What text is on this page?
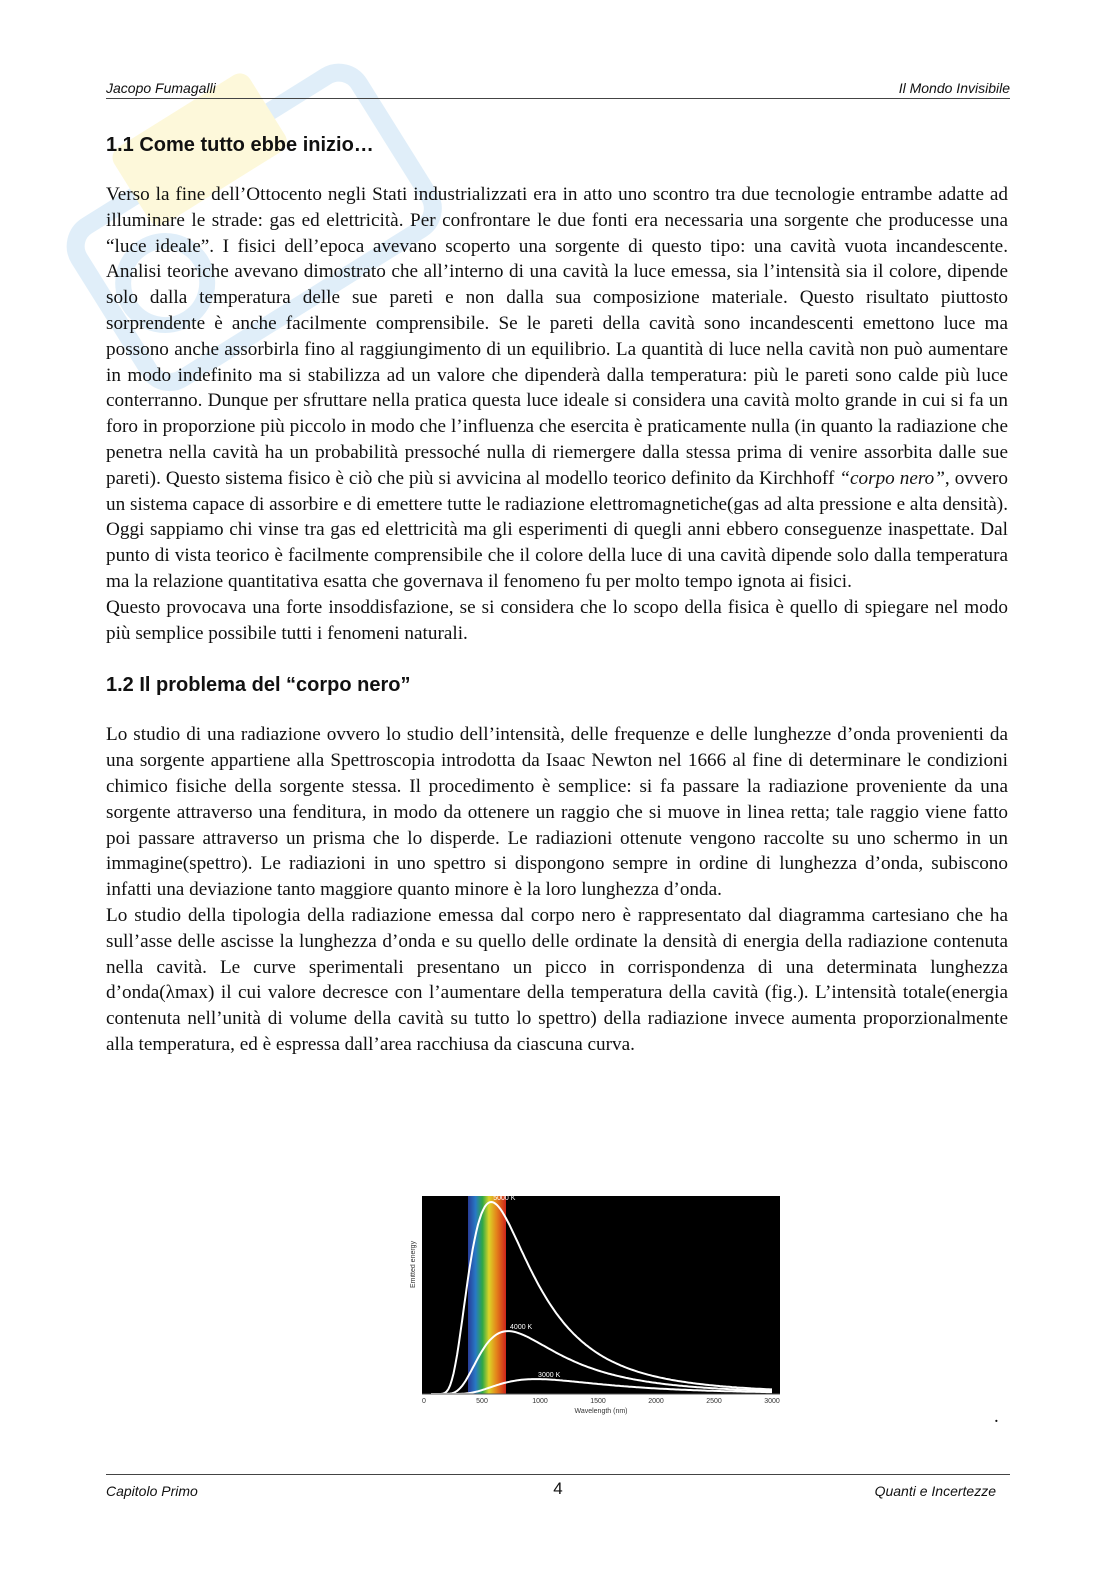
Jacopo Fumagalli	Il Mondo Invisibile
1.1 Come tutto ebbe inizio…

Verso la fine dell’Ottocento negli Stati industrializzati era in atto uno scontro tra due tecnologie entrambe adatte ad illuminare le strade: gas ed elettricità. Per confrontare le due fonti era necessaria una sorgente che producesse una “luce ideale”. I fisici dell’epoca avevano scoperto una sorgente di questo tipo: una cavità vuota incandescente. Analisi teoriche avevano dimostrato che all’interno di una cavità la luce emessa, sia l’intensità sia il colore, dipende solo dalla temperatura delle sue pareti e non dalla sua composizione materiale. Questo risultato piuttosto sorprendente è anche facilmente comprensibile. Se le pareti della cavità sono incandescenti emettono luce ma possono anche assorbirla fino al raggiungimento di un equilibrio. La quantità di luce nella cavità non può aumentare in modo indefinito ma si stabilizza ad un valore che dipenderà dalla temperatura: più le pareti sono calde più luce conterranno. Dunque per sfruttare nella pratica questa luce ideale si considera una cavità molto grande in cui si fa un foro in proporzione più piccolo in modo che l’influenza che esercita è praticamente nulla (in quanto la radiazione che penetra nella cavità ha un probabilità pressoché nulla di riemergere dalla stessa prima di venire assorbita dalle sue pareti). Questo sistema fisico è ciò che più si avvicina al modello teorico definito da Kirchhoff “corpo nero”, ovvero un sistema capace di assorbire e di emettere tutte le radiazione elettromagnetiche(gas ad alta pressione e alta densità). Oggi sappiamo chi vinse tra gas ed elettricità ma gli esperimenti di quegli anni ebbero conseguenze inaspettate. Dal punto di vista teorico è facilmente comprensibile che il colore della luce di una cavità dipende solo dalla temperatura ma la relazione quantitativa esatta che governava il fenomeno fu per molto tempo ignota ai fisici.

Questo provocava una forte insoddisfazione, se si considera che lo scopo della fisica è quello di spiegare nel modo più semplice possibile tutti i fenomeni naturali.

1.2 Il problema del “corpo nero”

Lo studio di una radiazione ovvero lo studio dell’intensità, delle frequenze e delle lunghezze d’onda provenienti da una sorgente appartiene alla Spettroscopia introdotta da Isaac Newton nel 1666 al fine di determinare le condizioni chimico fisiche della sorgente stessa. Il procedimento è semplice: si fa passare la radiazione proveniente da una sorgente attraverso una fenditura, in modo da ottenere un raggio che si muove in linea retta; tale raggio viene fatto poi passare attraverso un prisma che lo disperde. Le radiazioni ottenute vengono raccolte su uno schermo in un immagine(spettro). Le radiazioni in uno spettro si dispongono sempre in ordine di lunghezza d’onda, subiscono infatti una deviazione tanto maggiore quanto minore è la loro lunghezza d’onda.

Lo studio della tipologia della radiazione emessa dal corpo nero è rappresentato dal diagramma cartesiano che ha sull’asse delle ascisse la lunghezza d’onda e su quello delle ordinate la densità di energia della radiazione contenuta nella cavità. Le curve sperimentali presentano un picco in corrispondenza di una determinata lunghezza d’onda(λmax) il cui valore decresce con l’aumentare della temperatura della cavità (fig.). L’intensità totale(energia contenuta nell’unità di volume della cavità su tutto lo spettro) della radiazione invece aumenta proporzionalmente alla temperatura, ed è espressa dall’area racchiusa da ciascuna curva.

5000 K
4000 K
3000 K
0	500	1000	1500	2000	2500	3000
Emitted energy
Wavelength (nm)	.
Capitolo Primo	4	Quanti e Incertezze
